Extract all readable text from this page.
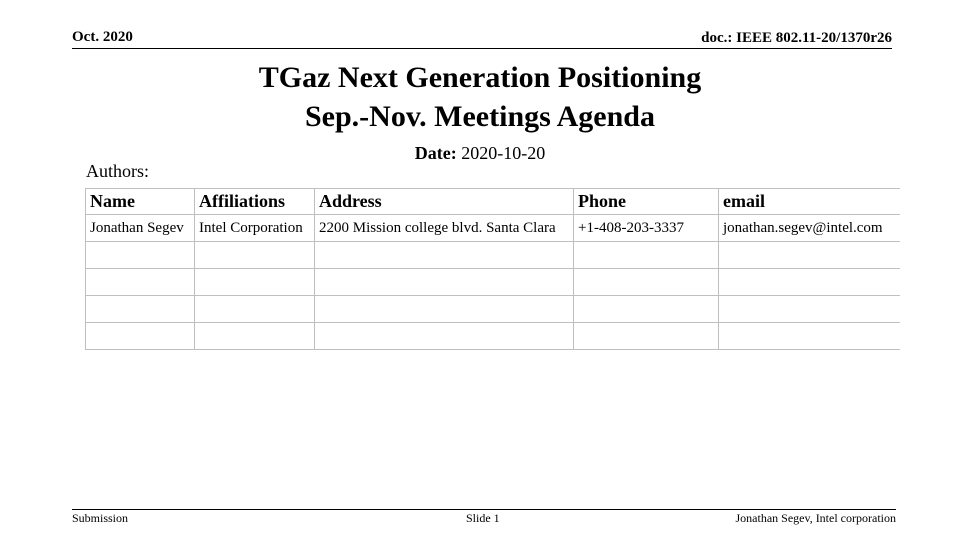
Oct. 2020	doc.: IEEE 802.11-20/1370r26
TGaz Next Generation Positioning
Sep.-Nov. Meetings Agenda
Date: 2020-10-20
Authors:
Name	Affiliations	Address	Phone	email
Jonathan Segev	Intel Corporation	2200 Mission college blvd. Santa Clara	+1-408-203-3337	jonathan.segev@intel.com

Submission	Slide 1	Jonathan Segev, Intel corporation
